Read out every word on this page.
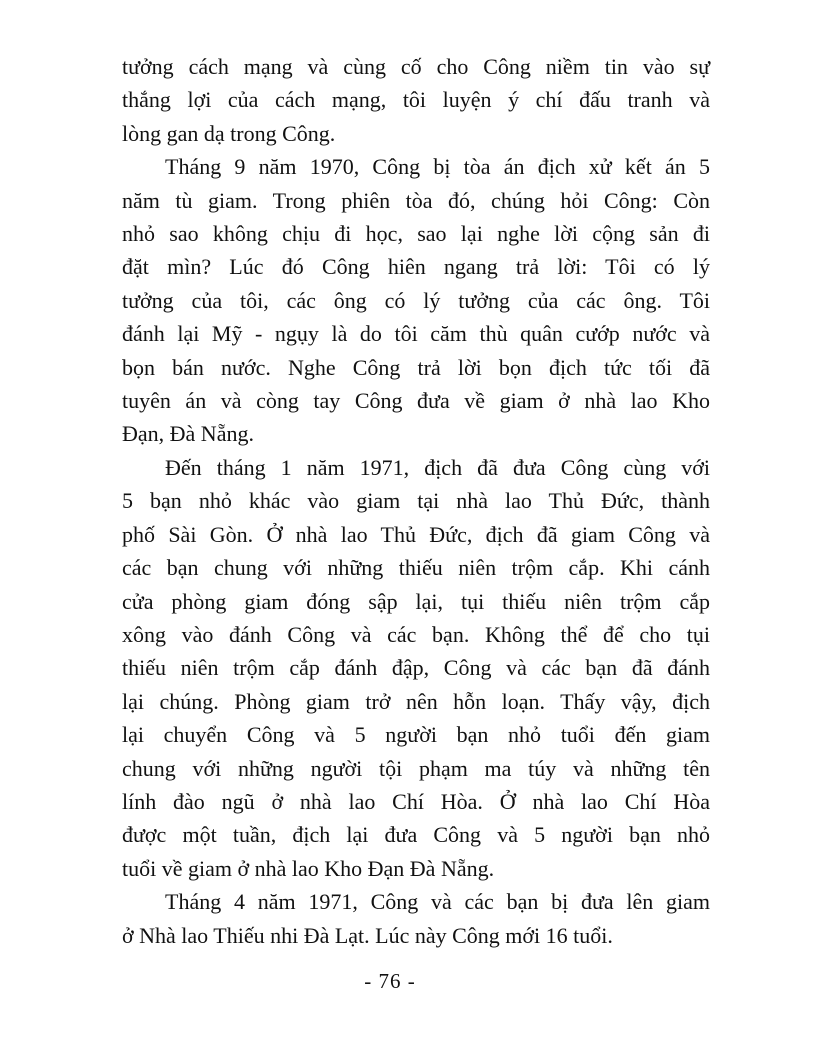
tưởng cách mạng và cùng cố cho Công niềm tin vào sự
thắng lợi của cách mạng, tôi luyện ý chí đấu tranh và
lòng gan dạ trong Công.

Tháng 9 năm 1970, Công bị tòa án địch xử kết án 5
năm tù giam. Trong phiên tòa đó, chúng hỏi Công: Còn
nhỏ sao không chịu đi học, sao lại nghe lời cộng sản đi
đặt mìn? Lúc đó Công hiên ngang trả lời: Tôi có lý
tưởng của tôi, các ông có lý tưởng của các ông. Tôi
đánh lại Mỹ - ngụy là do tôi căm thù quân cướp nước và
bọn bán nước. Nghe Công trả lời bọn địch tức tối đã
tuyên án và còng tay Công đưa về giam ở nhà lao Kho
Đạn, Đà Nẵng.

Đến tháng 1 năm 1971, địch đã đưa Công cùng với
5 bạn nhỏ khác vào giam tại nhà lao Thủ Đức, thành
phố Sài Gòn. Ở nhà lao Thủ Đức, địch đã giam Công và
các bạn chung với những thiếu niên trộm cắp. Khi cánh
cửa phòng giam đóng sập lại, tụi thiếu niên trộm cắp
xông vào đánh Công và các bạn. Không thể để cho tụi
thiếu niên trộm cắp đánh đập, Công và các bạn đã đánh
lại chúng. Phòng giam trở nên hỗn loạn. Thấy vậy, địch
lại chuyển Công và 5 người bạn nhỏ tuổi đến giam
chung với những người tội phạm ma túy và những tên
lính đào ngũ ở nhà lao Chí Hòa. Ở nhà lao Chí Hòa
được một tuần, địch lại đưa Công và 5 người bạn nhỏ
tuổi về giam ở nhà lao Kho Đạn Đà Nẵng.

Tháng 4 năm 1971, Công và các bạn bị đưa lên giam
ở Nhà lao Thiếu nhi Đà Lạt. Lúc này Công mới 16 tuổi.

- 76 -
